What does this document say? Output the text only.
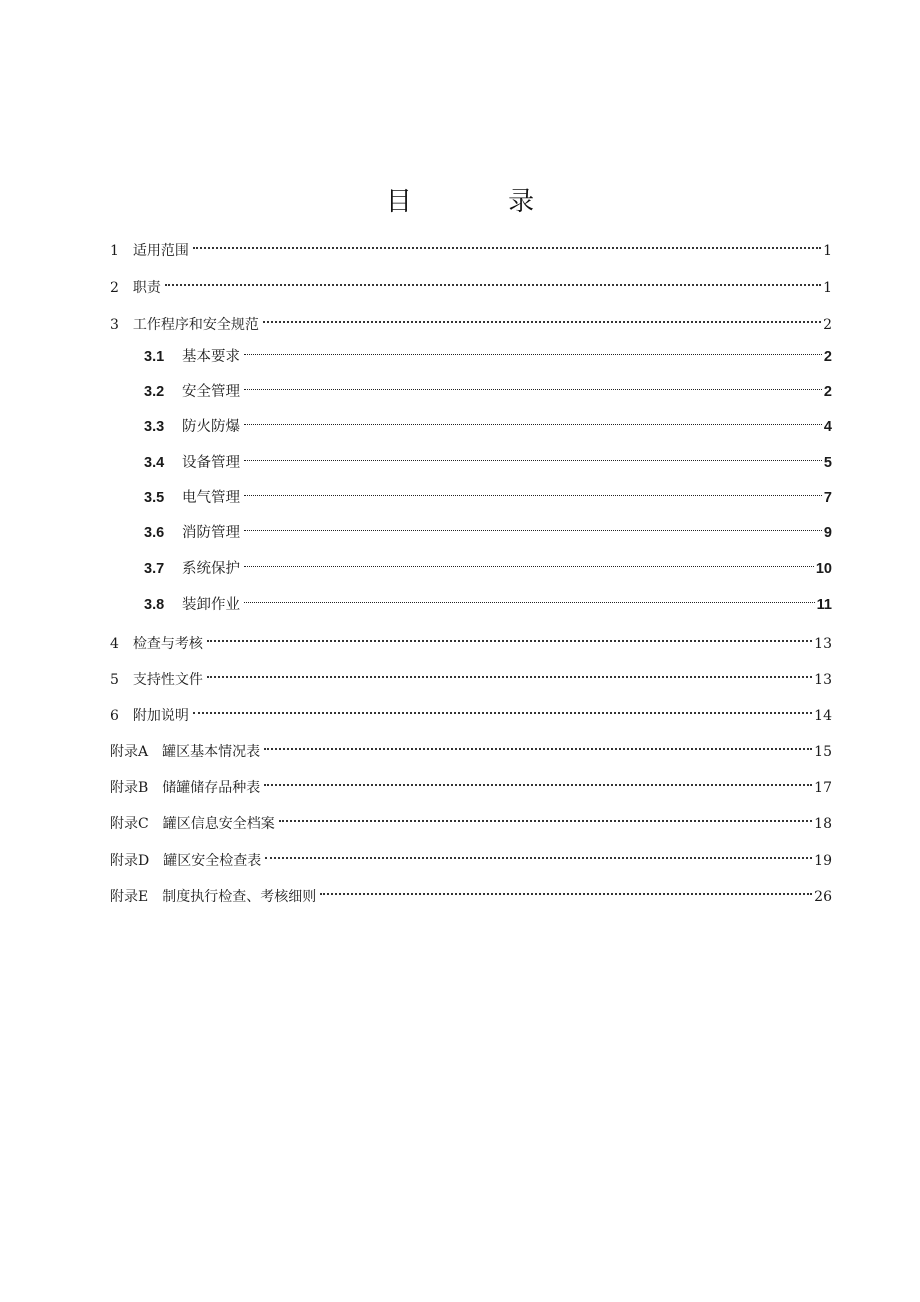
目 录
1 适用范围	1
2 职责	1
3 工作程序和安全规范	2
3.1	基本要求	2
3.2	安全管理	2
3.3	防火防爆	4
3.4	设备管理	5
3.5	电气管理	7
3.6	消防管理	9
3.7	系统保护	10
3.8	装卸作业	11
4 检查与考核	13
5 支持性文件	13
6 附加说明	14
附录A 罐区基本情况表	15
附录B 储罐储存品种表	17
附录C 罐区信息安全档案	18
附录D 罐区安全检查表	19
附录E 制度执行检查、考核细则	26
